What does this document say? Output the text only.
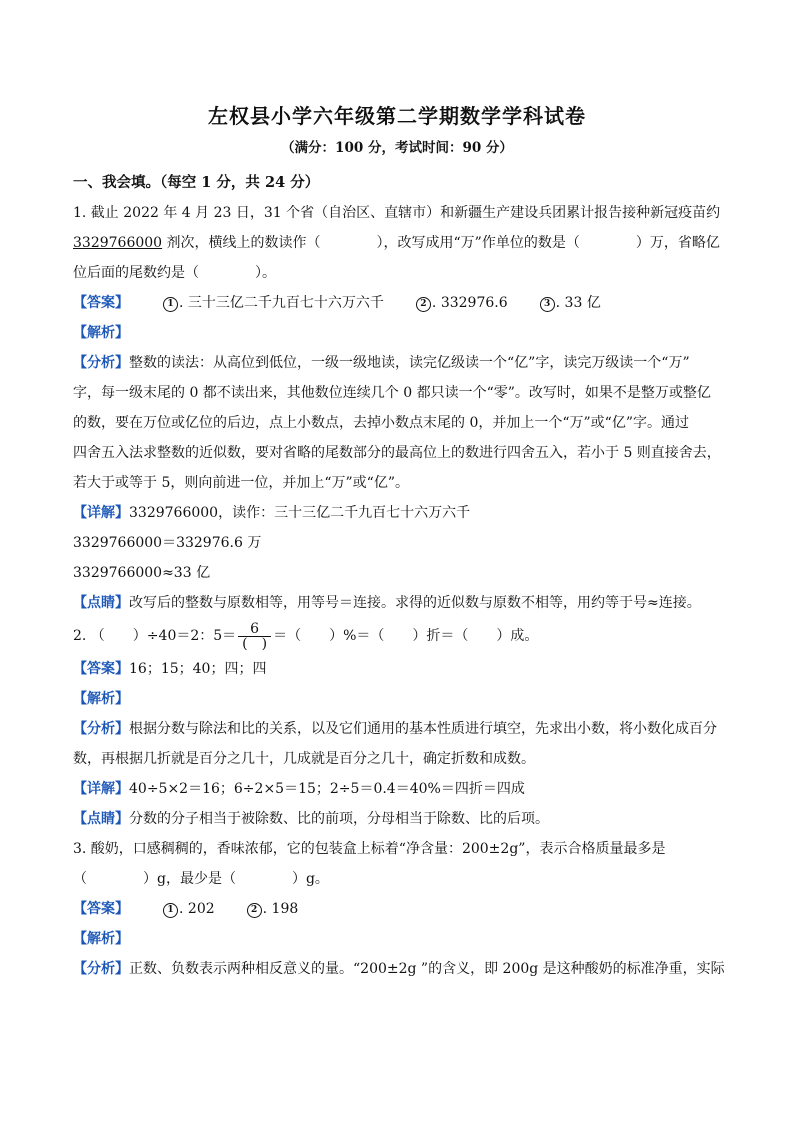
左权县小学六年级第二学期数学学科试卷
（满分：100 分，考试时间：90 分）
一、我会填。（每空 1 分，共 24 分）
1. 截止 2022 年 4 月 23 日，31 个省（自治区、直辖市）和新疆生产建设兵团累计报告接种新冠疫苗约
3329766000 剂次，横线上的数读作（　　　　），改写成用“万”作单位的数是（　　　　）万，省略亿
位后面的尾数约是（　　　　）。
【答案】	1 . 三十三亿二千九百七十六万六千	2 . 332976.6	3 . 33 亿
【解析】
【分析】整数的读法：从高位到低位，一级一级地读，读完亿级读一个“亿”字，读完万级读一个“万”
字，每一级末尾的 0 都不读出来，其他数位连续几个 0 都只读一个“零”。改写时，如果不是整万或整亿
的数，要在万位或亿位的后边，点上小数点，去掉小数点末尾的 0，并加上一个“万”或“亿”字。通过
四舍五入法求整数的近似数，要对省略的尾数部分的最高位上的数进行四舍五入，若小于 5 则直接舍去，
若大于或等于 5，则向前进一位，并加上“万”或“亿”。
【详解】3329766000，读作：三十三亿二千九百七十六万六千
3329766000＝332976.6 万
3329766000≈33 亿
【点睛】改写后的整数与原数相等，用等号＝连接。求得的近似数与原数不相等，用约等于号≈连接。
2. （　　）÷40＝2：$5= \frac{6}{( )}$ ＝（　　）%＝（　　）折＝（　　）成。
【答案】16；15；40；四；四
【解析】
【分析】根据分数与除法和比的关系，以及它们通用的基本性质进行填空，先求出小数，将小数化成百分
数，再根据几折就是百分之几十，几成就是百分之几十，确定折数和成数。
【详解】40÷5×2＝16；6÷2×5＝15；2÷5＝0.4＝40%＝四折＝四成
【点睛】分数的分子相当于被除数、比的前项，分母相当于除数、比的后项。
3. 酸奶，口感稠稠的，香味浓郁，它的包装盒上标着“净含量：200±2g”，表示合格质量最多是
（　　　　）g，最少是（　　　　）g。
【答案】	1 . 202	2 . 198
【解析】
【分析】正数、负数表示两种相反意义的量。“200±2g ”的含义，即 200g 是这种酸奶的标准净重，实际
